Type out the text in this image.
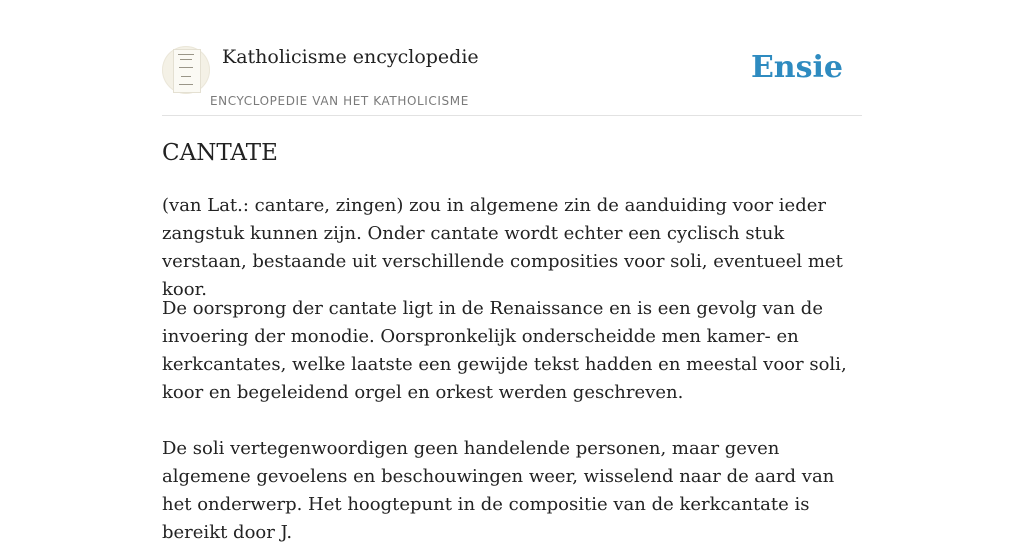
Katholicisme encyclopedie
ENCYCLOPEDIE VAN HET KATHOLICISME
Ensie
CANTATE

(van Lat.: cantare, zingen) zou in algemene zin de aanduiding voor ieder zangstuk kunnen zijn. Onder cantate wordt echter een cyclisch stuk verstaan, bestaande uit verschillende composities voor soli, eventueel met koor.

De oorsprong der cantate ligt in de Renaissance en is een gevolg van de invoering der monodie. Oorspronkelijk onderscheidde men kamer- en kerkcantates, welke laatste een gewijde tekst hadden en meestal voor soli, koor en begeleidend orgel en orkest werden geschreven.

De soli vertegenwoordigen geen handelende personen, maar geven algemene gevoelens en beschouwingen weer, wisselend naar de aard van het onderwerp. Het hoogtepunt in de compositie van de kerkcantate is bereikt door J.
